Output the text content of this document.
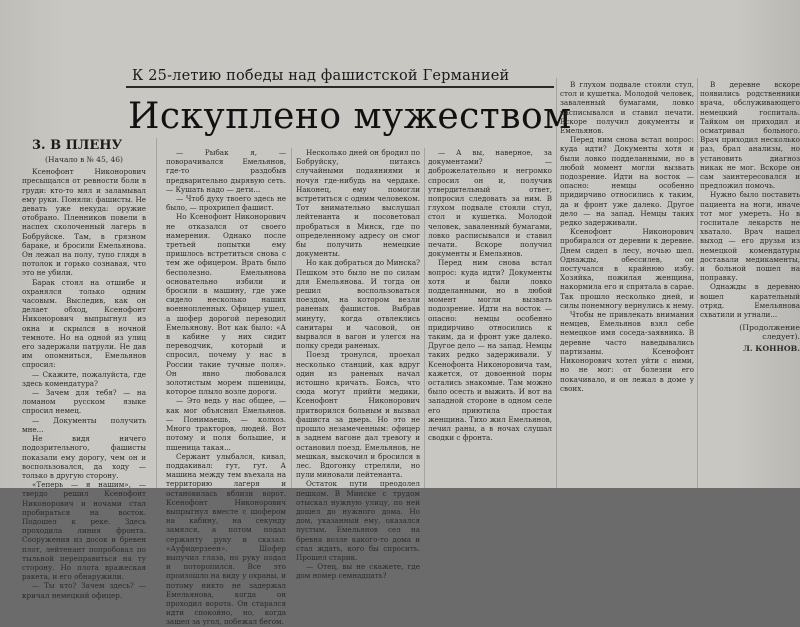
К 25-летию победы над фашистской Германией
Искуплено мужеством
3. В ПЛЕНУ
(Начало в № 45, 46)

Ксенофонт Никонорович пресыщался от ревности боли в груди: кто-то мял и заламывал ему руки. Поняли: фашисты. Не девать уже некуда: оружие отобрано. Пленников повели в наспех сколоченный лагерь в Бобруйске. Там, в грязном бараке, и бросили Емельянова. Он лежал на полу, тупо глядя в потолок и горько сознавая, что это не убили.

Барак стоял на отшибе и охранялся только одним часовым. Выследив, как он делает обход, Ксенофонт Никонорович выпрыгнул из окна и скрылся в ночной темноте. Но на одной из улиц его задержали патрули. Не дав им опомниться, Емельянов спросил:

— Скажите, пожалуйста, где здесь комендатура?

— Зачем для тебя? — на ломаном русском языке спросил немец.

— Документы получить мне...

Не видя ничего подозрительного, фашисты показали ему дорогу, чем он и воспользовался, да ходу — только в другую сторону.

«Теперь — я нашим», — твердо решил Ксенофонт Никонорович и ночами стал пробираться на восток. Подошел к реке. Здесь проходила линия фронта. Сооружения из досок и бревен плот, лейтенант попробовал по тыльной переправиться на ту сторону. Но плота вражеская ракета, и его обнаружили.

— Ты кто? Зачем здесь? — кричал немецкий офицер.

— Рыбак я, — поворачивался Емельянов, где-то раздобыв предварительно дырявую сеть. — Кушать надо — дети...

— Чтоб духу твоего здесь не было, — прохрипел фашист.

Но Ксенофонт Никонорович не отказался от своего намерения. Однако после третьей попытки ему пришлось встретиться снова с тем же офицером. Врать было бесполезно. Емельянова основательно избили и бросили в машину, где уже сидело несколько наших военнопленных. Офицер ушел, а шофер дорогой переводил Емельянову. Вот как было: «А в кабине у них сидит переводчик, который и спросил, почему у нас в России такие тучные поля». Он явно любовался золотистым морем пшеницы, которое плыло возле дороги.

— Это ведь у нас общее, — как мог объяснил Емельянов. — Понимаешь, — колхоз. Много тракторов, людей. Вот потому и поля большие, и пшеница такая...

Сержант улыбался, кивал, поддакивал: гут, гут. А машина между тем въехала на территорию лагеря и остановилась вблизи ворот. Ксенофонт Никонорович выпрыгнул вместе с шофером на кабину, на секунду замялся, а потом подал сержанту руку и сказал: «Ауфидерзеен». Шофер выпучил глаза, но руку подал и поторопился. Все это произошло на виду у охраны, и потому никто не задержал Емельянова, когда он проходил ворота. Он старался идти спокойно, но, когда зашел за угол, побежал бегом.

Несколько дней он бродил по Бобруйску, питаясь случайными подаяниями и ночуя где-нибудь на чердаке. Наконец, ему помогли встретиться с одним человеком. Тот внимательно выслушал лейтенанта и посоветовал пробраться в Минск, где по определенному адресу он смог бы получить немецкие документы.

Но как добраться до Минска? Пешком это было не по силам для Емельянова. И тогда он решил воспользоваться поездом, на котором везли раненых фашистов. Выбрав минуту, когда отвлеклись санитары и часовой, он вырвался в вагон и улегся на полку среди раненых.

Поезд тронулся, проехал несколько станций, как вдруг один из раненых начал истошно кричать. Боясь, что сюда могут прийти медики, Ксенофонт Никонорович притворился больным и вызвал фашиста за дверь. Но это не прошло незамеченным: офицер в заднем вагоне дал тревогу и остановил поезд. Емельянов, не мешкая, выскочил и бросился в лес. Вдогонку стреляли, но пули миновали лейтенанта.

Остаток пути преодолел пешком. В Минске с трудом отыскал нужную улицу, по ней дошел до нужного дома. Но дом, указанный ему, оказался пустым. Емельянов сел на бревна возле какого-то дома и стал ждать, кого бы спросить. Прошел старик.

— Отец, вы не скажете, где дом номер семнадцать?

— А вы, наверное, за документами? — доброжелательно и негромко спросил он и, получив утвердительный ответ, попросил следовать за ним. В глухом подвале стояли стул, стол и кушетка. Молодой человек, заваленный бумагами, ловко расписывался и ставил печати. Вскоре получил документы и Емельянов.

Перед ним снова встал вопрос: куда идти? Документы хотя и были ловко подделанными, но в любой момент могли вызвать подозрение. Идти на восток — опасно: немцы особенно придирчиво относились к таким, да и фронт уже далеко. Другое дело — на запад. Немцы таких редко задерживали. У Ксенофонта Никоноровича там, кажется, от довоенной поры остались знакомые. Там можно было осесть и выжить. И вот на западной стороне в одном селе его приютила простая женщина. Тихо жил Емельянов, лечил раны, а в ночах слушал сводки с фронта.

В глухом подвале стояли стул, стол и кушетка. Молодой человек, заваленный бумагами, ловко расписывался и ставил печати. Вскоре получил документы и Емельянов.

Перед ним снова встал вопрос: куда идти? Документы хотя и были ловко подделанными, но в любой момент могли вызвать подозрение. Идти на восток — опасно: немцы особенно придирчиво относились к таким, да и фронт уже далеко. Другое дело — на запад. Немцы таких редко задерживали.

Ксенофонт Никонорович пробирался от деревни к деревне. Днем сидел в лесу, ночью шел. Однажды, обессилев, он постучался в крайнюю избу. Хозяйка, пожилая женщина, накормила его и спрятала в сарае. Так прошло несколько дней, и силы понемногу вернулись к нему.

Чтобы не привлекать внимания немцев, Емельянов взял себе немецкое имя соседа-заявника. В деревне часто наведывались партизаны. Ксенофонт Никонорович хотел уйти с ними, но не мог: от болезни его покачивало, и он лежал в доме у своих.

В деревне вскоре появились родственники врача, обслуживающего немецкий госпиталь. Тайком он приходил и осматривал больного. Врач приходил несколько раз, брал анализы, но установить диагноз никак не мог. Вскоре он сам заинтересовался и предложил помочь.

Нужно было поставить пациента на ноги, иначе тот мог умереть. Но в госпитале лекарств не хватало. Врач нашел выход — его друзья из немецкой комендатуры доставали медикаменты, и больной пошел на поправку.

Однажды в деревню вошел карательный отряд. Емельянова схватили и угнали...

(Продолжение следует).
Л. КОННОВ.
